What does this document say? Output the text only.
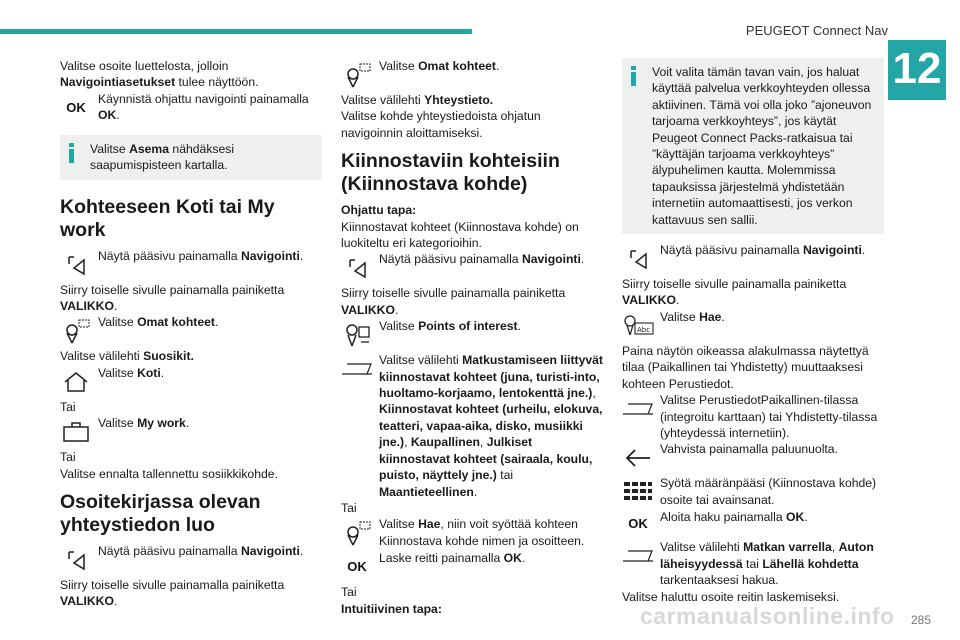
PEUGEOT Connect Nav
12

Valitse osoite luettelosta, jolloin Navigointiasetukset tulee näyttöön.

OK
Käynnistä ohjattu navigointi painamalla OK.
Valitse Asema nähdäksesi saapumispisteen kartalla.
Kohteeseen Koti tai My work
Näytä pääsivu painamalla Navigointi.

Siirry toiselle sivulle painamalla painiketta VALIKKO.

Valitse Omat kohteet.

Valitse välilehti Suosikit.

Valitse Koti.

Tai

Valitse My work.

Tai

Valitse ennalta tallennettu sosiikkikohde.

Osoitekirjassa olevan yhteystiedon luo
Näytä pääsivu painamalla Navigointi.

Siirry toiselle sivulle painamalla painiketta VALIKKO.

Valitse Omat kohteet.

Valitse välilehti Yhteystieto.

Valitse kohde yhteystiedoista ohjatun navigoinnin aloittamiseksi.

Kiinnostaviin kohteisiin (Kiinnostava kohde)

Ohjattu tapa:

Kiinnostavat kohteet (Kiinnostava kohde) on luokiteltu eri kategorioihin.

Näytä pääsivu painamalla Navigointi.

Siirry toiselle sivulle painamalla painiketta VALIKKO.

Valitse Points of interest.
Valitse välilehti Matkustamiseen liittyvät kiinnostavat kohteet (juna, turisti-into, huoltamo-korjaamo, lentokenttä jne.), Kiinnostavat kohteet (urheilu, elokuva, teatteri, vapaa-aika, disko, musiikki jne.), Kaupallinen, Julkiset kiinnostavat kohteet (sairaala, koulu, puisto, näyttely jne.) tai Maantieteellinen.

Tai

Valitse Hae, niin voit syöttää kohteen Kiinnostava kohde nimen ja osoitteen.
OK
Laske reitti painamalla OK.

Tai

Intuitiivinen tapa:

Voit valita tämän tavan vain, jos haluat käyttää palvelua verkkoyhteyden ollessa aktiivinen. Tämä voi olla joko ”ajoneuvon tarjoama verkkoyhteys”, jos käytät Peugeot Connect Packs-ratkaisua tai ”käyttäjän tarjoama verkkoyhteys” älypuhelimen kautta. Molemmissa tapauksissa järjestelmä yhdistetään internetiin automaattisesti, jos verkon kattavuus sen sallii.
Näytä pääsivu painamalla Navigointi.

Siirry toiselle sivulle painamalla painiketta VALIKKO.

Abc
Valitse Hae.

Paina näytön oikeassa alakulmassa näytettyä tilaa (Paikallinen tai Yhdistetty) muuttaaksesi kohteen Perustiedot.

Valitse PerustiedotPaikallinen-tilassa (integroitu karttaan) tai Yhdistetty-tilassa (yhteydessä internetiin).
Vahvista painamalla paluunuolta.
Syötä määränpääsi (Kiinnostava kohde) osoite tai avainsanat.
OK Aloita haku painamalla OK.
Valitse välilehti Matkan varrella, Auton läheisyydessä tai Lähellä kohdetta tarkentaaksesi hakua.

Valitse haluttu osoite reitin laskemiseksi.

carmanualsonline.info 285
